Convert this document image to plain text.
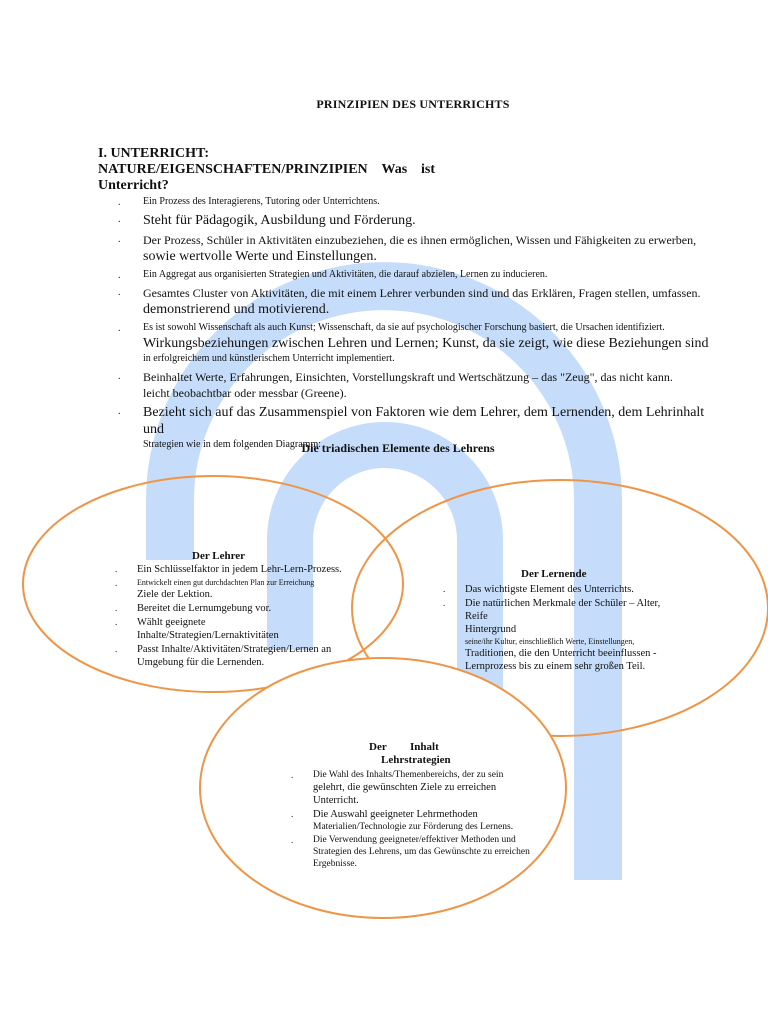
PRINZIPIEN DES UNTERRICHTS
I. UNTERRICHT:
NATURE/EIGENSCHAFTEN/PRINZIPIEN Was ist
Unterricht?
. Ein Prozess des Interagierens, Tutoring oder Unterrichtens.
. Steht für Pädagogik, Ausbildung und Förderung.
. Der Prozess, Schüler in Aktivitäten einzubeziehen, die es ihnen ermöglichen, Wissen und Fähigkeiten zu erwerben,
sowie wertvolle Werte und Einstellungen.
. Ein Aggregat aus organisierten Strategien und Aktivitäten, die darauf abzielen, Lernen zu inducieren.
. Gesamtes Cluster von Aktivitäten, die mit einem Lehrer verbunden sind und das Erklären, Fragen stellen, umfassen.
demonstrierend und motivierend.
. Es ist sowohl Wissenschaft als auch Kunst; Wissenschaft, da sie auf psychologischer Forschung basiert, die Ursachen identifiziert.
Wirkungsbeziehungen zwischen Lehren und Lernen; Kunst, da sie zeigt, wie diese Beziehungen sind
in erfolgreichem und künstlerischem Unterricht implementiert.
. Beinhaltet Werte, Erfahrungen, Einsichten, Vorstellungskraft und Wertschätzung – das "Zeug", das nicht kann.
leicht beobachtbar oder messbar (Greene).
. Bezieht sich auf das Zusammenspiel von Faktoren wie dem Lehrer, dem Lernenden, dem Lehrinhalt und
Strategien wie in dem folgenden Diagramm:
Die triadischen Elemente des Lehrens
Der Lehrer
. Ein Schlüsselfaktor in jedem Lehr-Lern-Prozess.
. Entwickelt einen gut durchdachten Plan zur Erreichung
Ziele der Lektion.
. Bereitet die Lernumgebung vor.
. Wählt geeignete
Inhalte/Strategien/Lernaktivitäten
. Passt Inhalte/Aktivitäten/Strategien/Lernen an
Umgebung für die Lernenden.
Der Lernende
. Das wichtigste Element des Unterrichts.
. Die natürlichen Merkmale der Schüler – Alter,
Reife
Hintergrund
seine/ihr Kultur, einschließlich Werte, Einstellungen,
Traditionen, die den Unterricht beeinflussen -
Lernprozess bis zu einem sehr großen Teil.
Der Inhalt
Lehrstrategien
. Die Wahl des Inhalts/Themenbereichs, der zu sein
gelehrt, die gewünschten Ziele zu erreichen
Unterricht.
. Die Auswahl geeigneter Lehrmethoden
Materialien/Technologie zur Förderung des Lernens.
. Die Verwendung geeigneter/effektiver Methoden und
Strategien des Lehrens, um das Gewünschte zu erreichen
Ergebnisse.
